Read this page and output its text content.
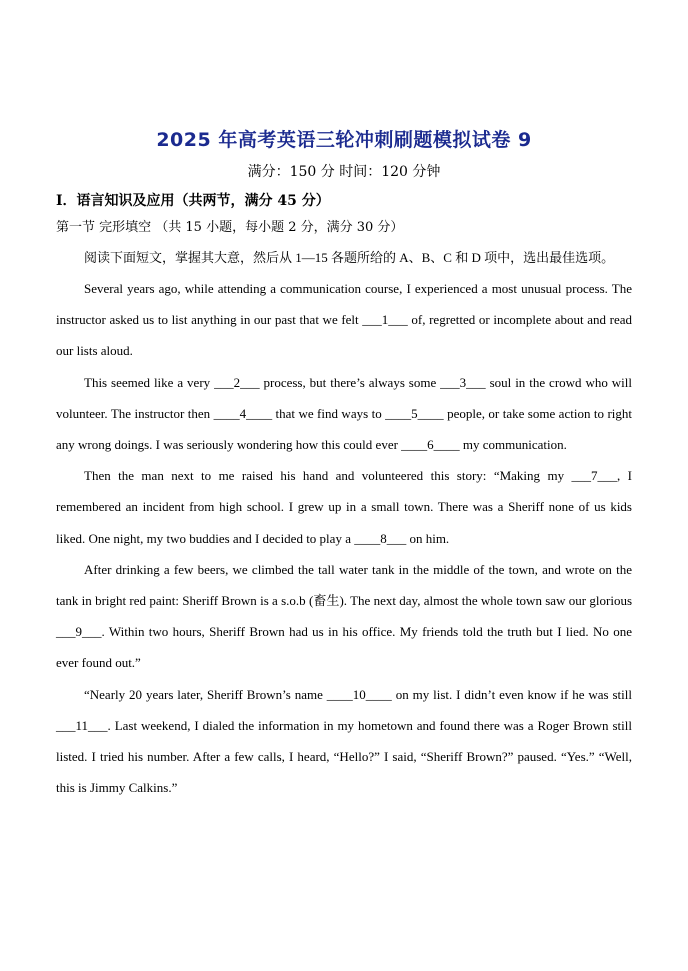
2025 年高考英语三轮冲刺刷题模拟试卷 9
满分：150 分 时间：120 分钟
I．语言知识及应用（共两节，满分 45 分）
第一节 完形填空 （共 15 小题，每小题 2 分，满分 30 分）

阅读下面短文，掌握其大意，然后从 1—15 各题所给的 A、B、C 和 D 项中，选出最佳选项。

Several years ago, while attending a communication course, I experienced a most unusual process. The instructor asked us to list anything in our past that we felt ___1___ of, regretted or incomplete about and read our lists aloud.

This seemed like a very ___2___ process, but there’s always some ___3___ soul in the crowd who will volunteer. The instructor then ____4____ that we find ways to ____5____ people, or take some action to right any wrong doings. I was seriously wondering how this could ever ____6____ my communication.

Then the man next to me raised his hand and volunteered this story: “Making my ___7___, I remembered an incident from high school. I grew up in a small town. There was a Sheriff none of us kids liked. One night, my two buddies and I decided to play a ____8___ on him.

After drinking a few beers, we climbed the tall water tank in the middle of the town, and wrote on the tank in bright red paint: Sheriff Brown is a s.o.b (畜生). The next day, almost the whole town saw our glorious ___9___. Within two hours, Sheriff Brown had us in his office. My friends told the truth but I lied. No one ever found out.”

“Nearly 20 years later, Sheriff Brown’s name ____10____ on my list. I didn’t even know if he was still ___11___. Last weekend, I dialed the information in my hometown and found there was a Roger Brown still listed. I tried his number. After a few calls, I heard, “Hello?” I said, “Sheriff Brown?” paused. “Yes.” “Well, this is Jimmy Calkins.”
